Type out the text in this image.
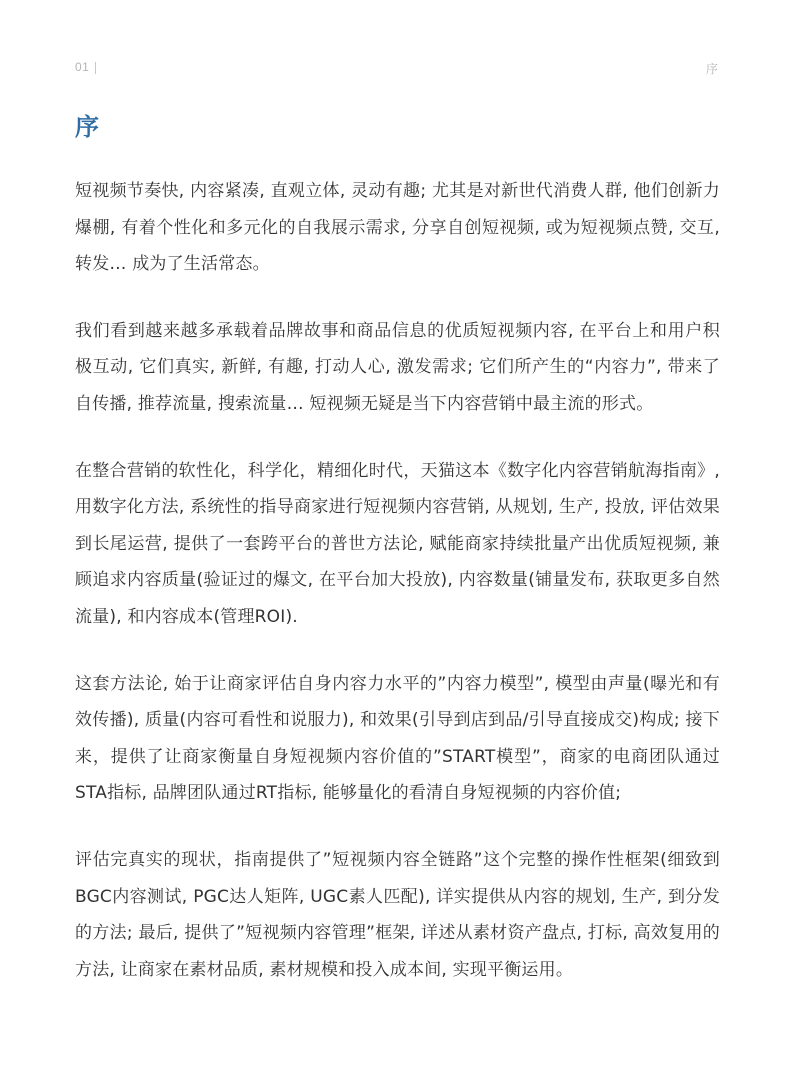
01	序
序

短视频节奏快, 内容紧凑, 直观立体, 灵动有趣; 尤其是对新世代消费人群, 他们创新力爆棚, 有着个性化和多元化的自我展示需求, 分享自创短视频, 或为短视频点赞, 交互, 转发… 成为了生活常态。

我们看到越来越多承载着品牌故事和商品信息的优质短视频内容, 在平台上和用户积极互动, 它们真实, 新鲜, 有趣, 打动人心, 激发需求; 它们所产生的“内容力”, 带来了自传播, 推荐流量, 搜索流量… 短视频无疑是当下内容营销中最主流的形式。

在整合营销的软性化，科学化，精细化时代，天猫这本《数字化内容营销航海指南》, 用数字化方法, 系统性的指导商家进行短视频内容营销, 从规划, 生产, 投放, 评估效果到长尾运营, 提供了一套跨平台的普世方法论, 赋能商家持续批量产出优质短视频, 兼顾追求内容质量(验证过的爆文, 在平台加大投放), 内容数量(铺量发布, 获取更多自然流量), 和内容成本(管理ROI).

这套方法论, 始于让商家评估自身内容力水平的”内容力模型”, 模型由声量(曝光和有效传播), 质量(内容可看性和说服力), 和效果(引导到店到品/引导直接成交)构成; 接下来，提供了让商家衡量自身短视频内容价值的”START模型”，商家的电商团队通过STA指标, 品牌团队通过RT指标, 能够量化的看清自身短视频的内容价值;

评估完真实的现状，指南提供了”短视频内容全链路”这个完整的操作性框架(细致到BGC内容测试, PGC达人矩阵, UGC素人匹配), 详实提供从内容的规划, 生产, 到分发的方法; 最后, 提供了”短视频内容管理”框架, 详述从素材资产盘点, 打标, 高效复用的方法, 让商家在素材品质, 素材规模和投入成本间, 实现平衡运用。
